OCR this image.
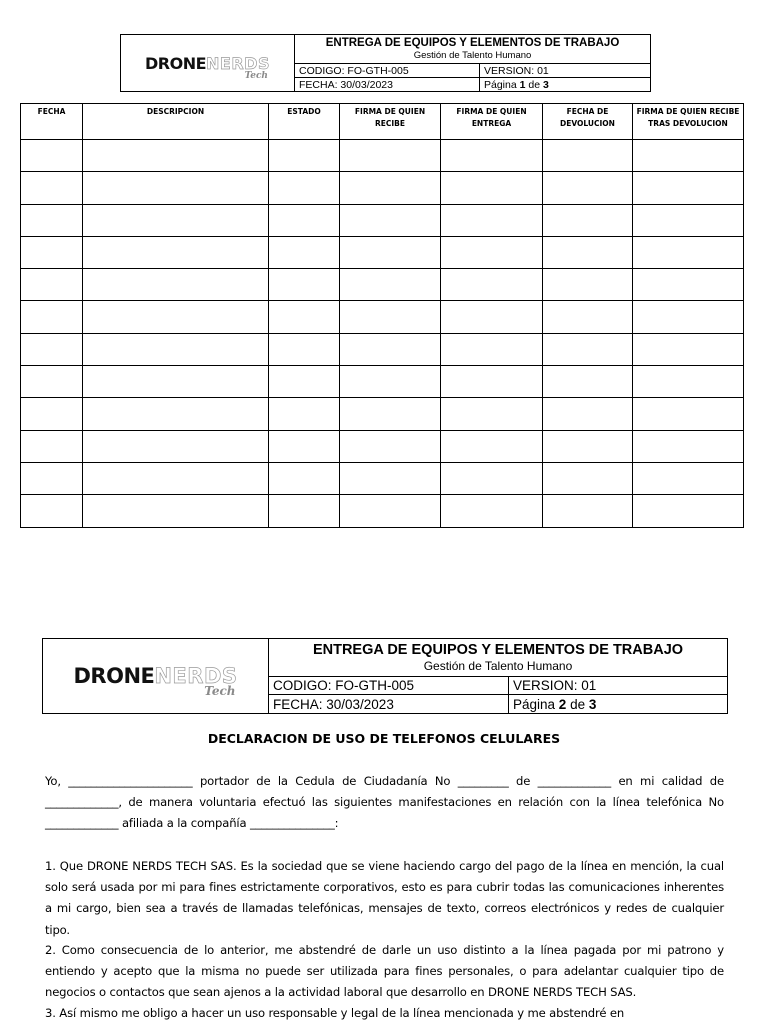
DRONE NERDS
Tech	ENTREGA DE EQUIPOS Y ELEMENTOS DE TRABAJO
Gestión de Talento Humano	

	CODIGO: FO-GTH-005	VERSION: 01
	FECHA: 30/03/2023	Página 1 de 3
FECHA	DESCRIPCION	ESTADO	FIRMA DE QUIEN RECIBE	FIRMA DE QUIEN ENTREGA	FECHA DE DEVOLUCION	FIRMA DE QUIEN RECIBE TRAS DEVOLUCION

DRONE NERDS
Tech	ENTREGA DE EQUIPOS Y ELEMENTOS DE TRABAJO
Gestión de Talento Humano	

	CODIGO: FO-GTH-005	VERSION: 01
	FECHA: 30/03/2023	Página 2 de 3
DECLARACION DE USO DE TELEFONOS CELULARES
Yo, ______________________ portador de la Cedula de Ciudadanía No _________ de _____________ en mi calidad de _____________, de manera voluntaria efectuó las siguientes manifestaciones en relación con la línea telefónica No _____________ afiliada a la compañía _______________:
1. Que DRONE NERDS TECH SAS. Es la sociedad que se viene haciendo cargo del pago de la línea en mención, la cual solo será usada por mi para fines estrictamente corporativos, esto es para cubrir todas las comunicaciones inherentes a mi cargo, bien sea a través de llamadas telefónicas, mensajes de texto, correos electrónicos y redes de cualquier tipo.
2. Como consecuencia de lo anterior, me abstendré de darle un uso distinto a la línea pagada por mi patrono y entiendo y acepto que la misma no puede ser utilizada para fines personales, o para adelantar cualquier tipo de negocios o contactos que sean ajenos a la actividad laboral que desarrollo en DRONE NERDS TECH SAS.
3. Así mismo me obligo a hacer un uso responsable y legal de la línea mencionada y me abstendré en
